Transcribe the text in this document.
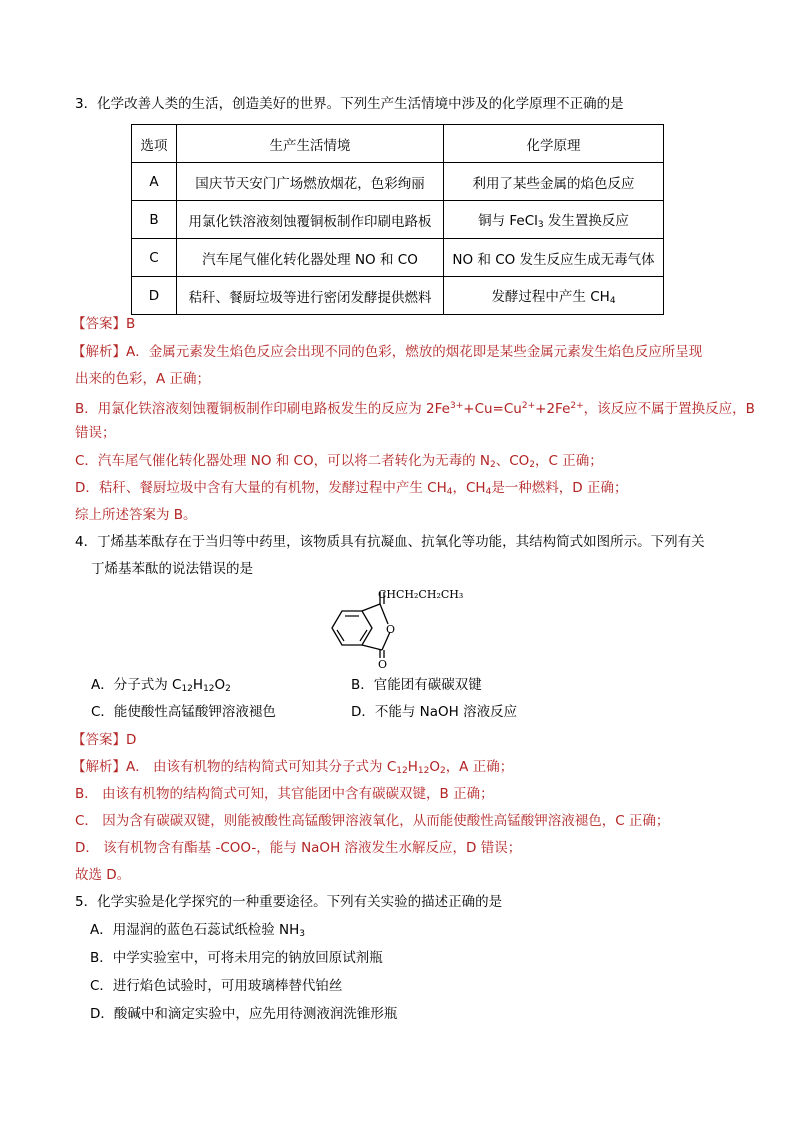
3．化学改善人类的生活，创造美好的世界。下列生产生活情境中涉及的化学原理不正确的是
选项	生产生活情境	化学原理
A	国庆节天安门广场燃放烟花，色彩绚丽	利用了某些金属的焰色反应
B	用氯化铁溶液刻蚀覆铜板制作印刷电路板	铜与 FeCl$_3$ 发生置换反应
C	汽车尾气催化转化器处理 NO 和 CO	NO 和 CO 发生反应生成无毒气体
D	秸秆、餐厨垃圾等进行密闭发酵提供燃料	发酵过程中产生 $CH_4$
【答案】B
【解析】A．金属元素发生焰色反应会出现不同的色彩，燃放的烟花即是某些金属元素发生焰色反应所呈现
出来的色彩，A 正确；
B．用氯化铁溶液刻蚀覆铜板制作印刷电路板发生的反应为 $2Fe^{3+}+Cu=Cu^{2+}+2Fe^{2+}$，该反应不属于置换反应，B
错误；
C．汽车尾气催化转化器处理 NO 和 CO，可以将二者转化为无毒的 $N_2$、$CO_2$，C 正确；
D．秸秆、餐厨垃圾中含有大量的有机物，发酵过程中产生 $CH_4$，$CH_4$是一种燃料，D 正确；
综上所述答案为 B。
4．丁烯基苯酞存在于当归等中药里，该物质具有抗凝血、抗氧化等功能，其结构简式如图所示。下列有关
丁烯基苯酞的说法错误的是
CHCH₂CH₂CH₃
O
O
A．分子式为 $C_{12}H_{12}O_2$	B．官能团有碳碳双键
C．能使酸性高锰酸钾溶液褪色	D．不能与 NaOH 溶液反应
【答案】D
【解析】A． 由该有机物的结构简式可知其分子式为 $C_{12}H_{12}O_2$，A 正确；
B． 由该有机物的结构简式可知，其官能团中含有碳碳双键，B 正确；
C． 因为含有碳碳双键，则能被酸性高锰酸钾溶液氧化，从而能使酸性高锰酸钾溶液褪色，C 正确；
D． 该有机物含有酯基 -COO-，能与 NaOH 溶液发生水解反应，D 错误；
故选 D。
5．化学实验是化学探究的一种重要途径。下列有关实验的描述正确的是
A．用湿润的蓝色石蕊试纸检验 $NH_3$
B．中学实验室中，可将未用完的钠放回原试剂瓶
C．进行焰色试验时，可用玻璃棒替代铂丝
D．酸碱中和滴定实验中，应先用待测液润洗锥形瓶
